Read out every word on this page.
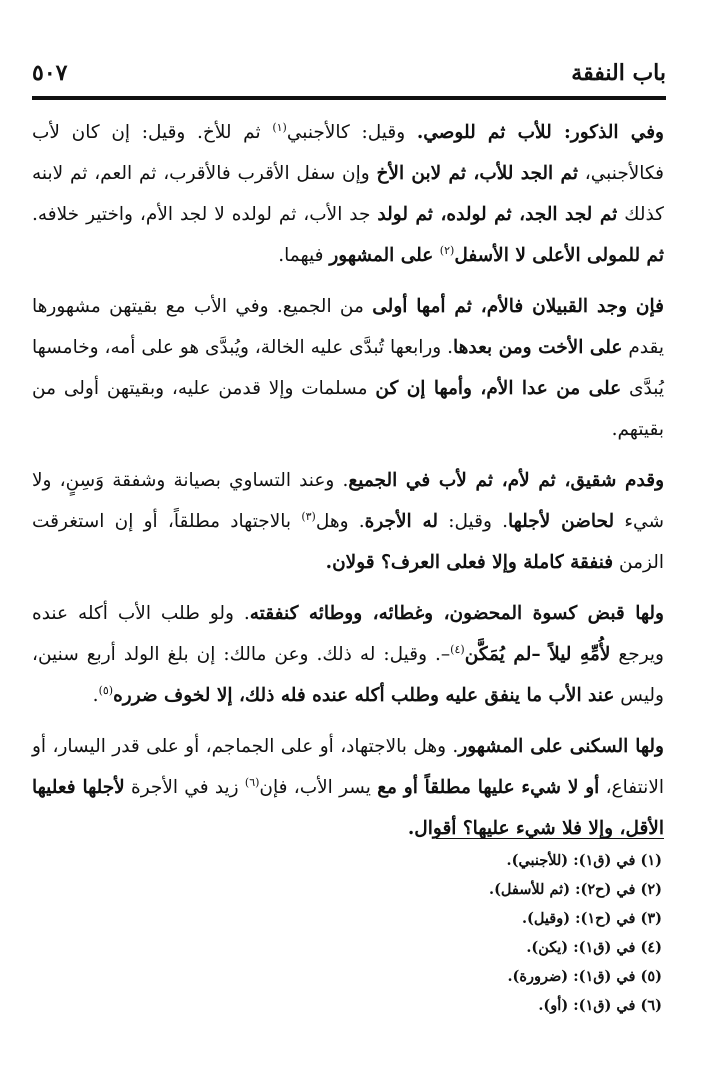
باب النفقة
٥٠٧

وفي الذكور: للأب ثم للوصي. وقيل: كالأجنبي$^{(١)}$ ثم للأخ. وقيل: إن كان لأب فكالأجنبي، ثم الجد للأب، ثم لابن الأخ وإن سفل الأقرب فالأقرب، ثم العم، ثم لابنه كذلك ثم لجد الجد، ثم لولده، ثم لولد جد الأب، ثم لولده لا لجد الأم، واختير خلافه. ثم للمولى الأعلى لا الأسفل$^{(٢)}$ على المشهور فيهما.

فإن وجد القبيلان فالأم، ثم أمها أولى من الجميع. وفي الأب مع بقيتهن مشهورها يقدم على الأخت ومن بعدها. ورابعها تُبدَّى عليه الخالة، ويُبدَّى هو على أمه، وخامسها يُبدَّى على من عدا الأم، وأمها إن كن مسلمات وإلا قدمن عليه، وبقيتهن أولى من بقيتهم.

وقدم شقيق، ثم لأم، ثم لأب في الجميع. وعند التساوي بصيانة وشفقة وَسِنٍ، ولا شيء لحاضن لأجلها. وقيل: له الأجرة. وهل$^{(٣)}$ بالاجتهاد مطلقاً، أو إن استغرقت الزمن فنفقة كاملة وإلا فعلى العرف؟ قولان.

ولها قبض كسوة المحضون، وغطائه، ووطائه كنفقته. ولو طلب الأب أكله عنده ويرجع لأُمِّهِ ليلاً –لم يُمَكَّن$^{(٤)}$–. وقيل: له ذلك. وعن مالك: إن بلغ الولد أربع سنين، وليس عند الأب ما ينفق عليه وطلب أكله عنده فله ذلك، إلا لخوف ضرره$^{(٥)}$.

ولها السكنى على المشهور. وهل بالاجتهاد، أو على الجماجم، أو على قدر اليسار، أو الانتفاع، أو لا شيء عليها مطلقاً أو مع يسر الأب، فإن$^{(٦)}$ زيد في الأجرة لأجلها فعليها الأقل، وإلا فلا شيء عليها؟ أقوال.

(١) في (ق١): (للأجنبي).
(٢) في (ح٢): (ثم للأسفل).
(٣) في (ح١): (وقيل).
(٤) في (ق١): (يكن).
(٥) في (ق١): (ضرورة).
(٦) في (ق١): (أو).
